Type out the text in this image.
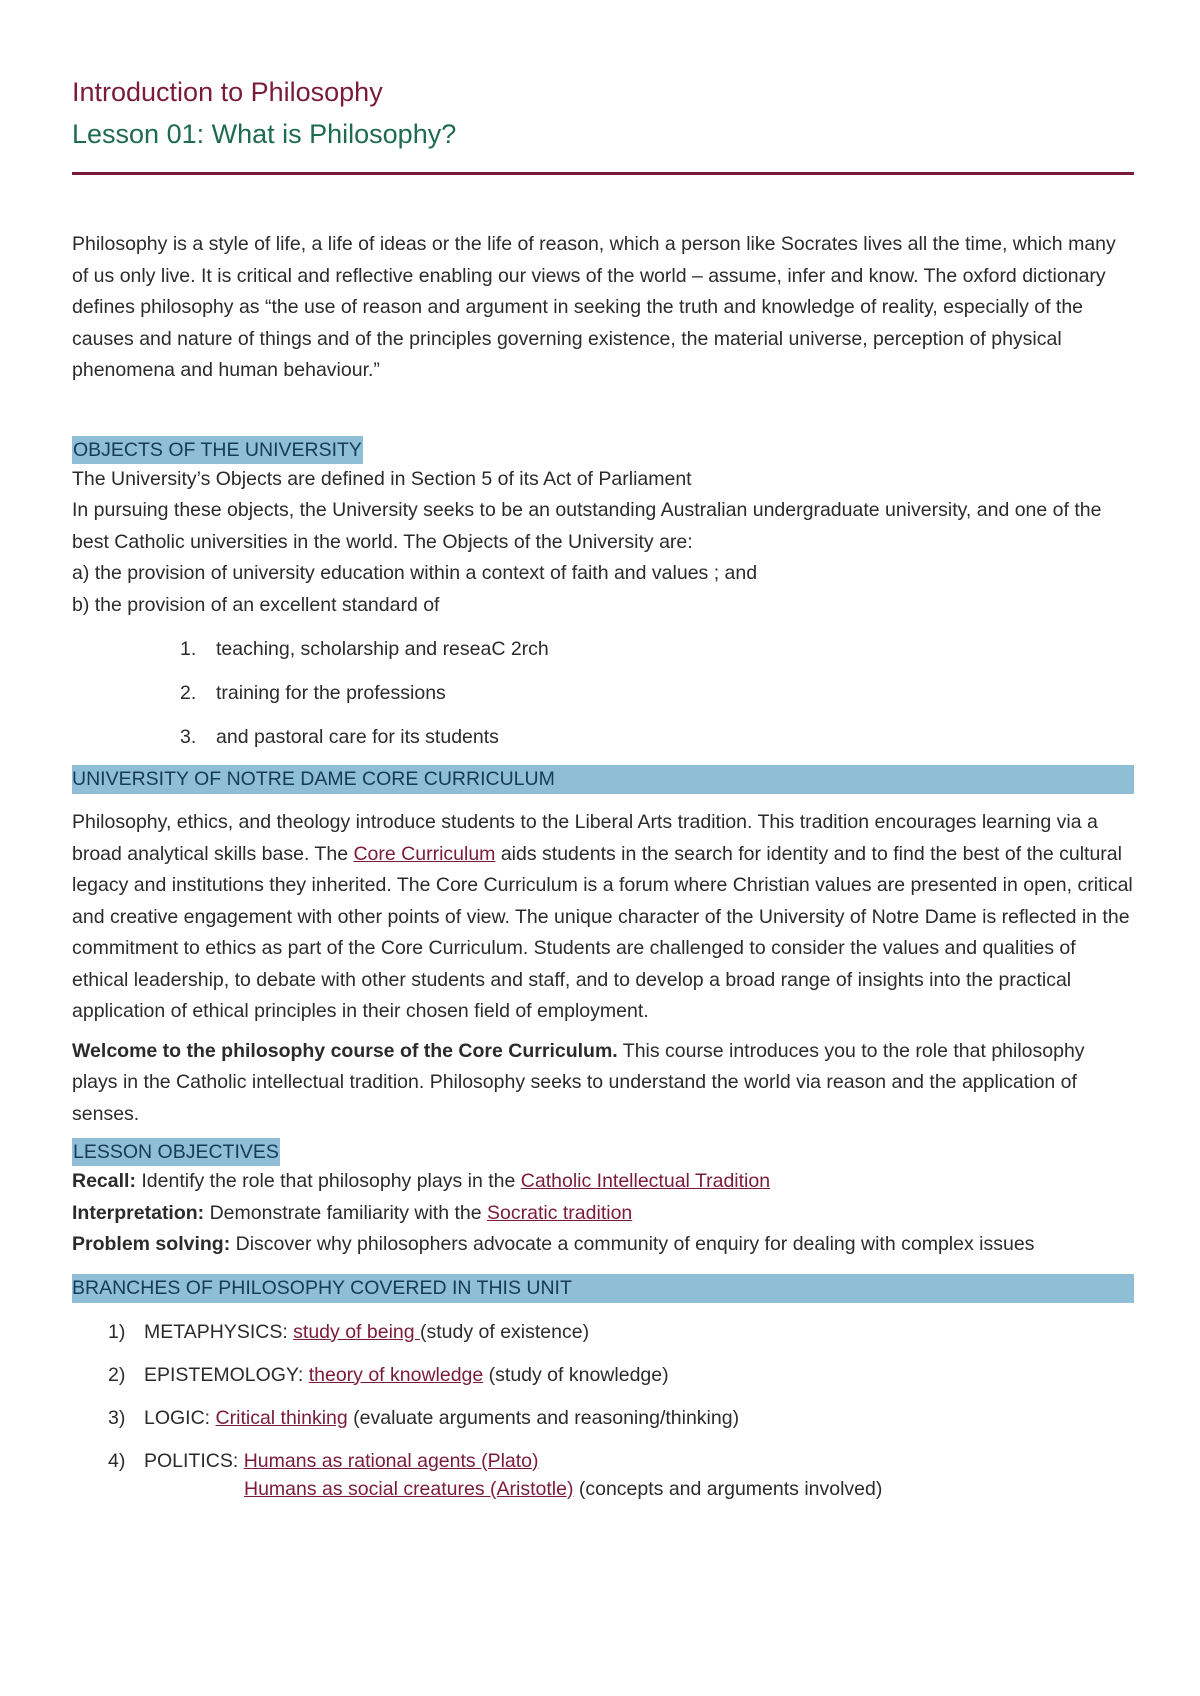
Introduction to Philosophy
Lesson 01: What is Philosophy?

Philosophy is a style of life, a life of ideas or the life of reason, which a person like Socrates lives all the time, which many of us only live. It is critical and reflective enabling our views of the world – assume, infer and know. The oxford dictionary defines philosophy as “the use of reason and argument in seeking the truth and knowledge of reality, especially of the causes and nature of things and of the principles governing existence, the material universe, perception of physical phenomena and human behaviour.”

OBJECTS OF THE UNIVERSITY

The University’s Objects are defined in Section 5 of its Act of Parliament

In pursuing these objects, the University seeks to be an outstanding Australian undergraduate university, and one of the best Catholic universities in the world. The Objects of the University are:

a) the provision of university education within a context of faith and values ; and

b) the provision of an excellent standard of

1.	teaching, scholarship and reseaC 2rch
2.	training for the professions
3.	and pastoral care for its students
UNIVERSITY OF NOTRE DAME CORE CURRICULUM

Philosophy, ethics, and theology introduce students to the Liberal Arts tradition. This tradition encourages learning via a broad analytical skills base. The Core Curriculum aids students in the search for identity and to find the best of the cultural legacy and institutions they inherited. The Core Curriculum is a forum where Christian values are presented in open, critical and creative engagement with other points of view. The unique character of the University of Notre Dame is reflected in the commitment to ethics as part of the Core Curriculum. Students are challenged to consider the values and qualities of ethical leadership, to debate with other students and staff, and to develop a broad range of insights into the practical application of ethical principles in their chosen field of employment.

Welcome to the philosophy course of the Core Curriculum. This course introduces you to the role that philosophy plays in the Catholic intellectual tradition. Philosophy seeks to understand the world via reason and the application of senses.

LESSON OBJECTIVES

Recall: Identify the role that philosophy plays in the Catholic Intellectual Tradition

Interpretation: Demonstrate familiarity with the Socratic tradition

Problem solving: Discover why philosophers advocate a community of enquiry for dealing with complex issues

BRANCHES OF PHILOSOPHY COVERED IN THIS UNIT
1) METAPHYSICS: study of being (study of existence)
2) EPISTEMOLOGY: theory of knowledge (study of knowledge)
3) LOGIC: Critical thinking (evaluate arguments and reasoning/thinking)
4) POLITICS: Humans as rational agents (Plato)
Humans as social creatures (Aristotle) (concepts and arguments involved)
